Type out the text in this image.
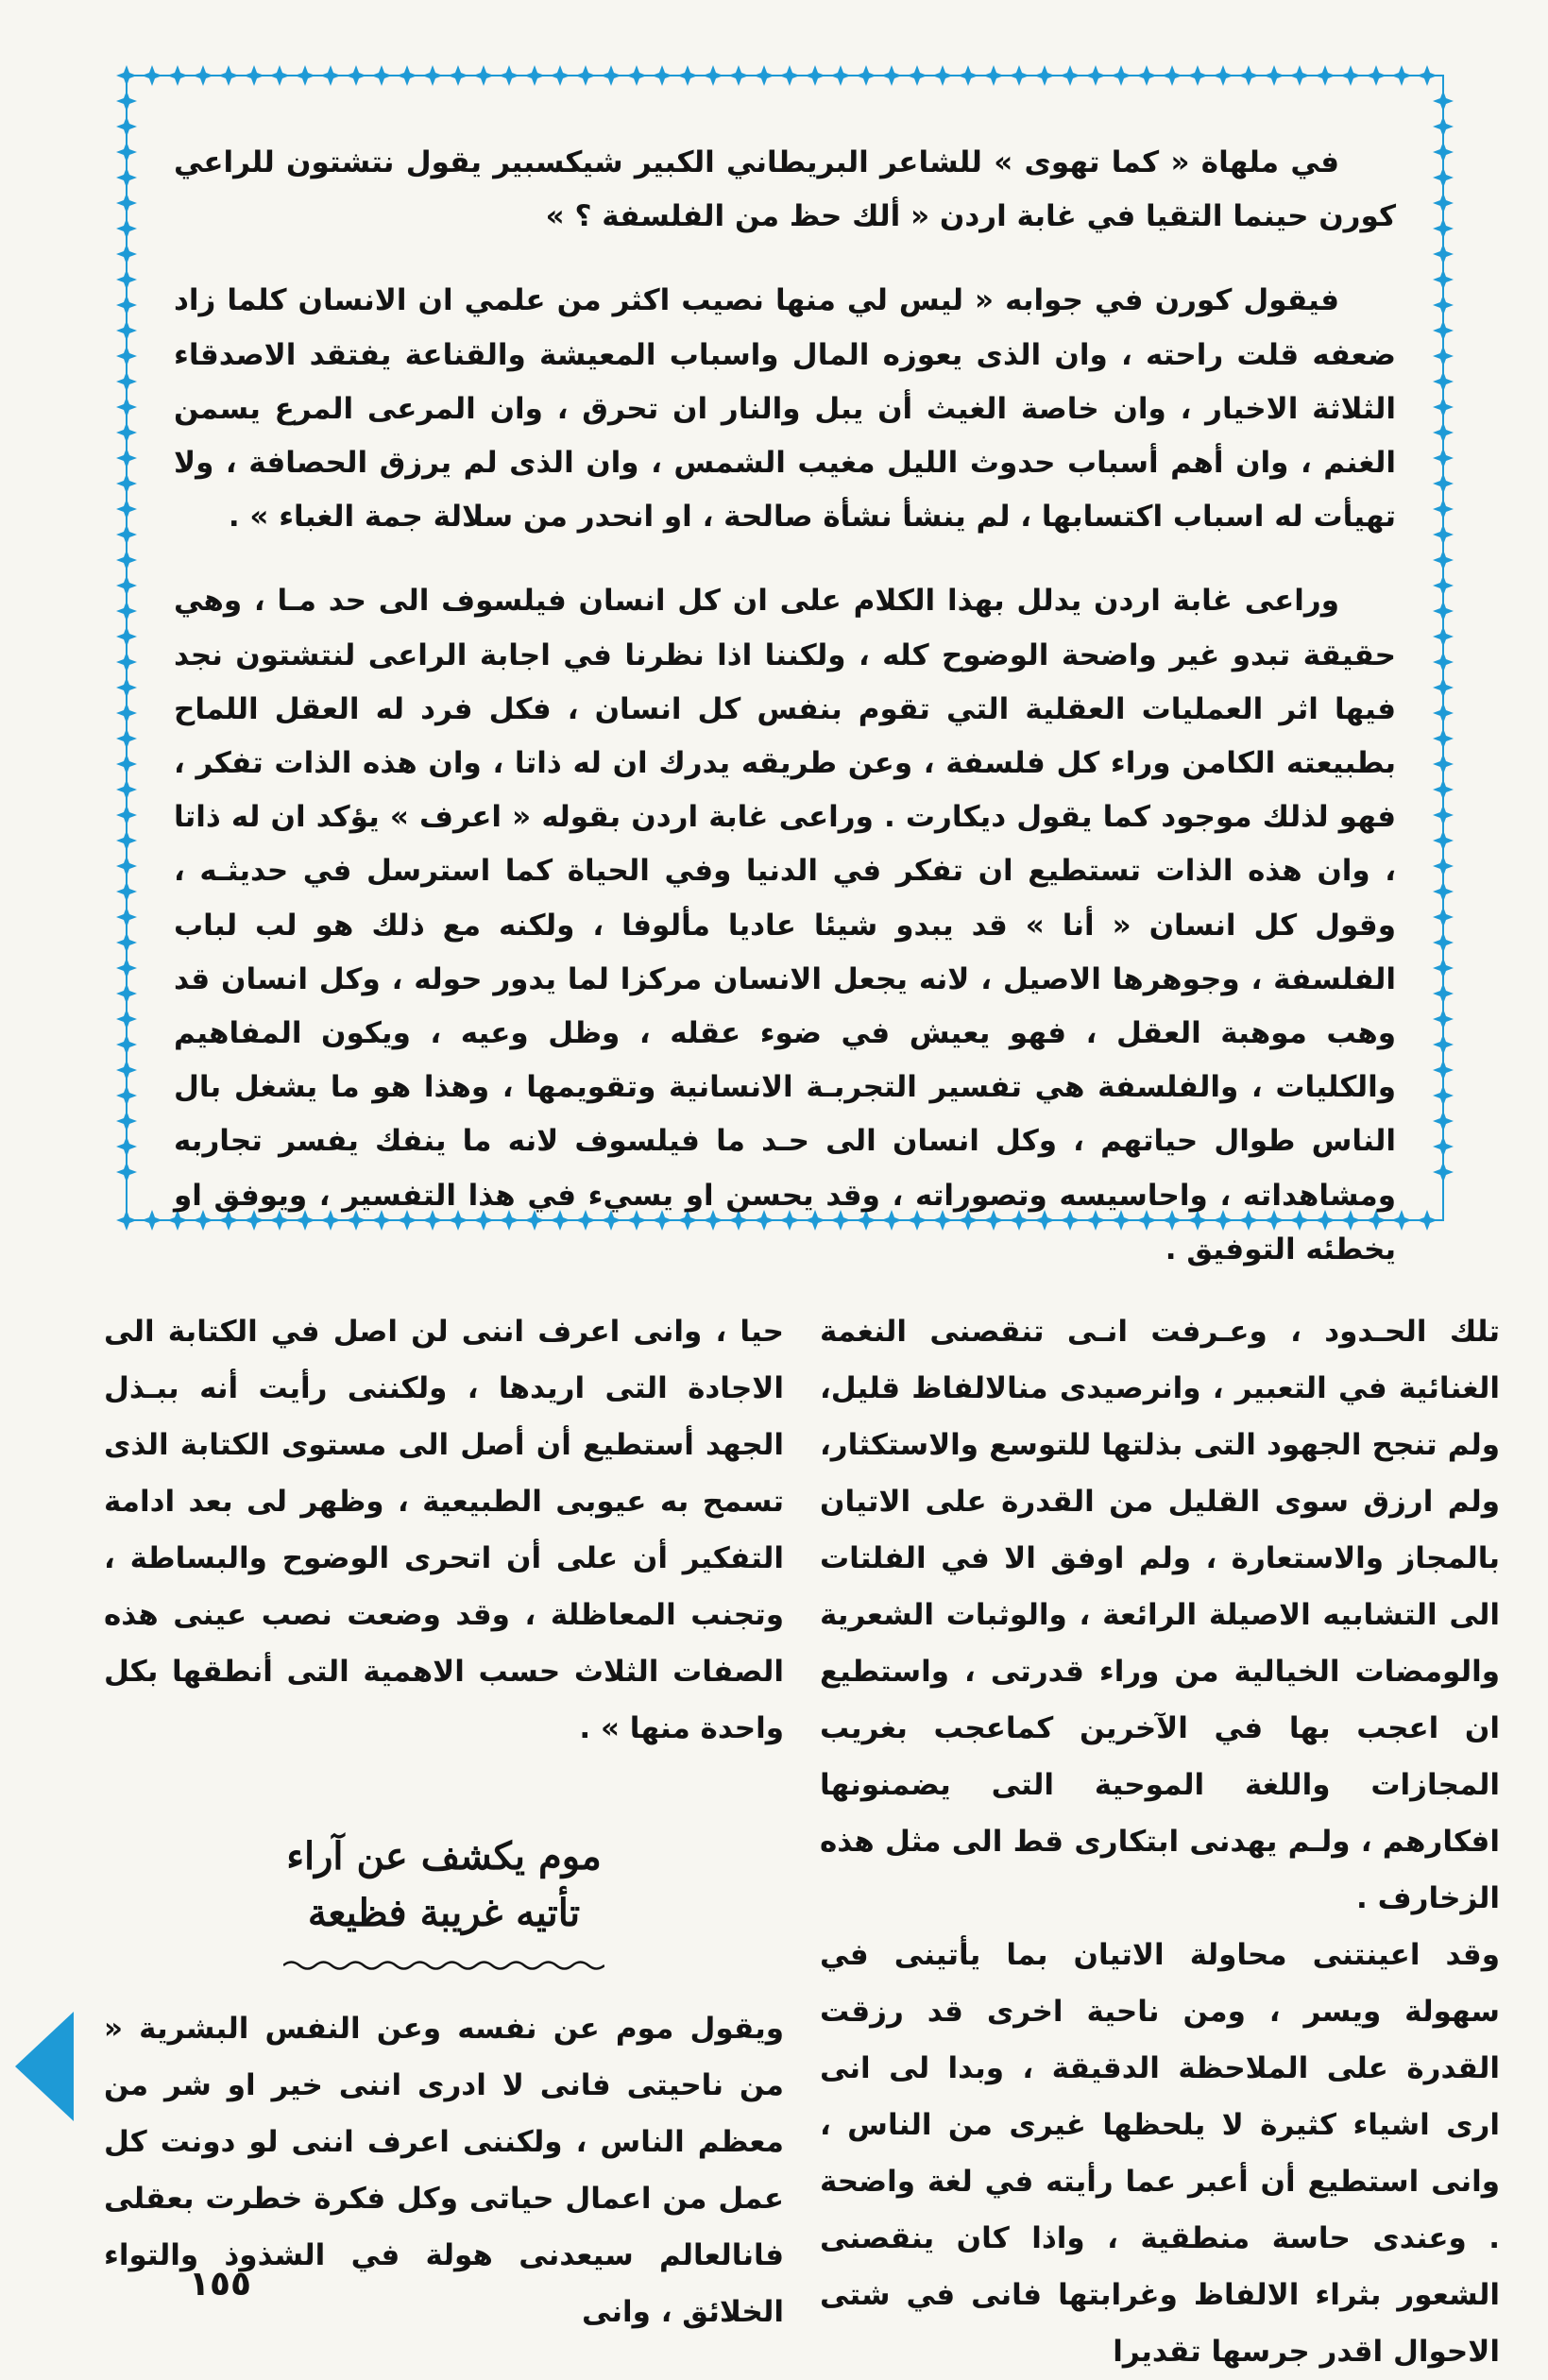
في ملهاة « كما تهوى » للشاعر البريطاني الكبير شيكسبير يقول نتشتون للراعي كورن حينما التقيا في غابة اردن « ألك حظ من الفلسفة ؟ »

فيقول كورن في جوابه « ليس لي منها نصيب اكثر من علمي ان الانسان كلما زاد ضعفه قلت راحته ، وان الذى يعوزه المال واسباب المعيشة والقناعة يفتقد الاصدقاء الثلاثة الاخيار ، وان خاصة الغيث أن يبل والنار ان تحرق ، وان المرعى المرع يسمن الغنم ، وان أهم أسباب حدوث الليل مغيب الشمس ، وان الذى لم يرزق الحصافة ، ولا تهيأت له اسباب اكتسابها ، لم ينشأ نشأة صالحة ، او انحدر من سلالة جمة الغباء » .

وراعى غابة اردن يدلل بهذا الكلام على ان كل انسان فيلسوف الى حد مـا ، وهي حقيقة تبدو غير واضحة الوضوح كله ، ولكننا اذا نظرنا في اجابة الراعى لنتشتون نجد فيها اثر العمليات العقلية التي تقوم بنفس كل انسان ، فكل فرد له العقل اللماح بطبيعته الكامن وراء كل فلسفة ، وعن طريقه يدرك ان له ذاتا ، وان هذه الذات تفكر ، فهو لذلك موجود كما يقول ديكارت . وراعى غابة اردن بقوله « اعرف » يؤكد ان له ذاتا ، وان هذه الذات تستطيع ان تفكر في الدنيا وفي الحياة كما استرسل في حديثـه ، وقول كل انسان « أنا » قد يبدو شيئا عاديا مألوفا ، ولكنه مع ذلك هو لب لباب الفلسفة ، وجوهرها الاصيل ، لانه يجعل الانسان مركزا لما يدور حوله ، وكل انسان قد وهب موهبة العقل ، فهو يعيش في ضوء عقله ، وظل وعيه ، ويكون المفاهيم والكليات ، والفلسفة هي تفسير التجربـة الانسانية وتقويمها ، وهذا هو ما يشغل بال الناس طوال حياتهم ، وكل انسان الى حـد ما فيلسوف لانه ما ينفك يفسر تجاربه ومشاهداته ، واحاسيسه وتصوراته ، وقد يحسن او يسيء في هذا التفسير ، ويوفق او يخطئه التوفيق .

تلك الحـدود ، وعـرفت انـى تنقصنى النغمة الغنائية في التعبير ، وانرصيدى منالالفاظ قليل، ولم تنجح الجهود التى بذلتها للتوسع والاستكثار، ولم ارزق سوى القليل من القدرة على الاتيان بالمجاز والاستعارة ، ولم اوفق الا في الفلتات الى التشابيه الاصيلة الرائعة ، والوثبات الشعرية والومضات الخيالية من وراء قدرتى ، واستطيع ان اعجب بها في الآخرين كماعجب بغريب المجازات واللغة الموحية التى يضمنونها افكارهم ، ولـم يهدنى ابتكارى قط الى مثل هذه الزخارف .

وقد اعينتنى محاولة الاتيان بما يأتينى في سهولة ويسر ، ومن ناحية اخرى قد رزقت القدرة على الملاحظة الدقيقة ، وبدا لى انى ارى اشياء كثيرة لا يلحظها غيرى من الناس ، وانى استطيع أن أعبر عما رأيته في لغة واضحة . وعندى حاسة منطقية ، واذا كان ينقصنى الشعور بثراء الالفاظ وغرابتها فانى في شتى الاحوال اقدر جرسها تقديرا

حيا ، وانى اعرف اننى لن اصل في الكتابة الى الاجادة التى اريدها ، ولكننى رأيت أنه ببـذل الجهد أستطيع أن أصل الى مستوى الكتابة الذى تسمح به عيوبى الطبيعية ، وظهر لى بعد ادامة التفكير أن على أن اتحرى الوضوح والبساطة ، وتجنب المعاظلة ، وقد وضعت نصب عينى هذه الصفات الثلاث حسب الاهمية التى أنطقها بكل واحدة منها » .

موم يكشف عن آراء
تأتيه غريبة فظيعة

ويقول موم عن نفسه وعن النفس البشرية « من ناحيتى فانى لا ادرى اننى خير او شر من معظم الناس ، ولكننى اعرف اننى لو دونت كل عمل من اعمال حياتى وكل فكرة خطرت بعقلى فانالعالم سيعدنى هولة في الشذوذ والتواء الخلائق ، وانى

١٥٥
